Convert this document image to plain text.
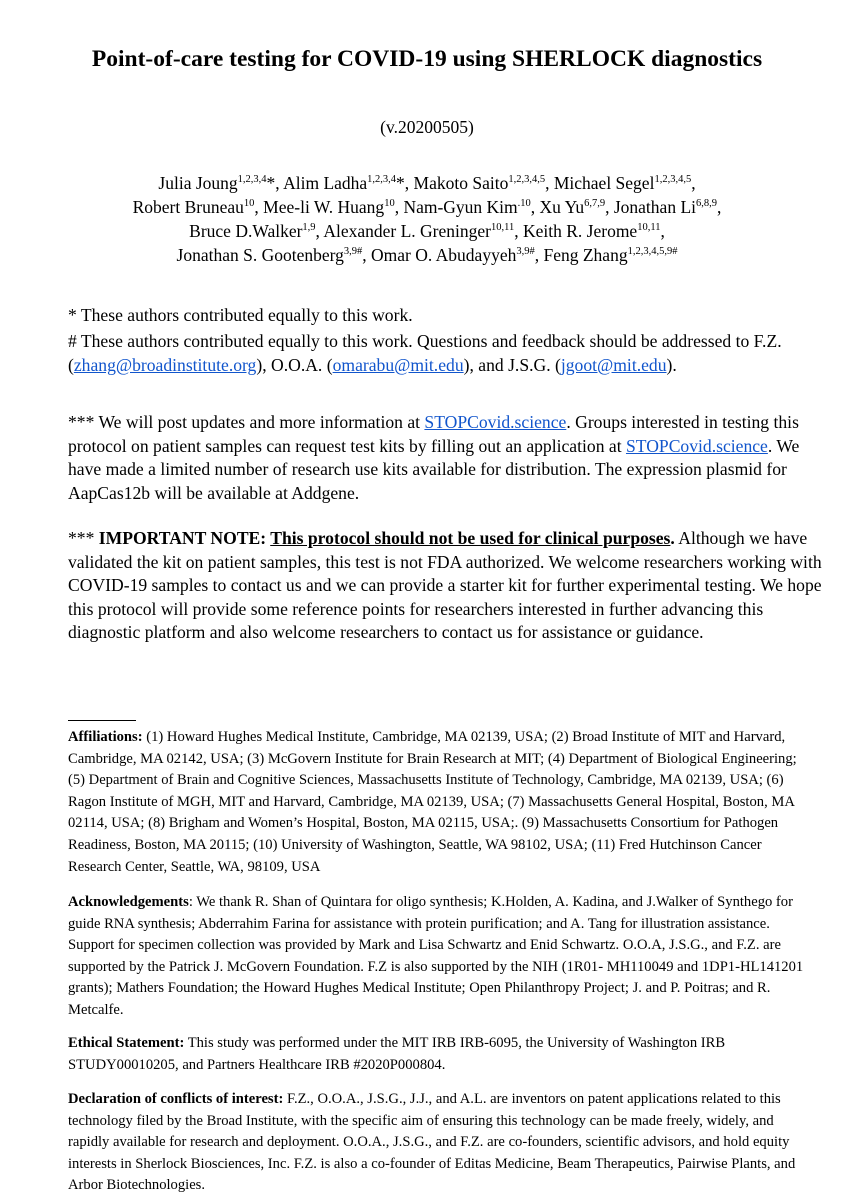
Point-of-care testing for COVID-19 using SHERLOCK diagnostics
(v.20200505)
Julia Joung$^{1,2,3,4}$*, Alim Ladha$^{1,2,3,4}$*, Makoto Saito$^{1,2,3,4,5}$, Michael Segel$^{1,2,3,4,5}$,
Robert Bruneau$^{10}$, Mee-li W. Huang$^{10}$, Nam-Gyun Kim$^{.10}$, Xu Yu$^{6,7,9}$, Jonathan Li$^{6,8,9}$,
Bruce D.Walker$^{1,9}$, Alexander L. Greninger$^{10,11}$, Keith R. Jerome$^{10,11}$,
Jonathan S. Gootenberg$^{3,9\#}$, Omar O. Abudayyeh$^{3,9\#}$, Feng Zhang$^{1,2,3,4,5,9\#}$
* These authors contributed equally to this work.
# These authors contributed equally to this work. Questions and feedback should be addressed to F.Z. (zhang@broadinstitute.org), O.O.A. (omarabu@mit.edu), and J.S.G. (jgoot@mit.edu).
*** We will post updates and more information at STOPCovid.science. Groups interested in testing this protocol on patient samples can request test kits by filling out an application at STOPCovid.science. We have made a limited number of research use kits available for distribution. The expression plasmid for AapCas12b will be available at Addgene.
*** IMPORTANT NOTE: This protocol should not be used for clinical purposes. Although we have validated the kit on patient samples, this test is not FDA authorized. We welcome researchers working with COVID-19 samples to contact us and we can provide a starter kit for further experimental testing. We hope this protocol will provide some reference points for researchers interested in further advancing this diagnostic platform and also welcome researchers to contact us for assistance or guidance.
Affiliations: (1) Howard Hughes Medical Institute, Cambridge, MA 02139, USA; (2) Broad Institute of MIT and Harvard, Cambridge, MA 02142, USA; (3) McGovern Institute for Brain Research at MIT; (4) Department of Biological Engineering; (5) Department of Brain and Cognitive Sciences, Massachusetts Institute of Technology, Cambridge, MA 02139, USA; (6) Ragon Institute of MGH, MIT and Harvard, Cambridge, MA 02139, USA; (7) Massachusetts General Hospital, Boston, MA 02114, USA; (8) Brigham and Women’s Hospital, Boston, MA 02115, USA;. (9) Massachusetts Consortium for Pathogen Readiness, Boston, MA 20115; (10) University of Washington, Seattle, WA 98102, USA; (11) Fred Hutchinson Cancer Research Center, Seattle, WA, 98109, USA
Acknowledgements: We thank R. Shan of Quintara for oligo synthesis; K.Holden, A. Kadina, and J.Walker of Synthego for guide RNA synthesis; Abderrahim Farina for assistance with protein purification; and A. Tang for illustration assistance. Support for specimen collection was provided by Mark and Lisa Schwartz and Enid Schwartz. O.O.A, J.S.G., and F.Z. are supported by the Patrick J. McGovern Foundation. F.Z is also supported by the NIH (1R01- MH110049 and 1DP1-HL141201 grants); Mathers Foundation; the Howard Hughes Medical Institute; Open Philanthropy Project; J. and P. Poitras; and R. Metcalfe.
Ethical Statement: This study was performed under the MIT IRB IRB-6095, the University of Washington IRB STUDY00010205, and Partners Healthcare IRB #2020P000804.
Declaration of conflicts of interest: F.Z., O.O.A., J.S.G., J.J., and A.L. are inventors on patent applications related to this technology filed by the Broad Institute, with the specific aim of ensuring this technology can be made freely, widely, and rapidly available for research and deployment. O.O.A., J.S.G., and F.Z. are co-founders, scientific advisors, and hold equity interests in Sherlock Biosciences, Inc. F.Z. is also a co-founder of Editas Medicine, Beam Therapeutics, Pairwise Plants, and Arbor Biotechnologies.
